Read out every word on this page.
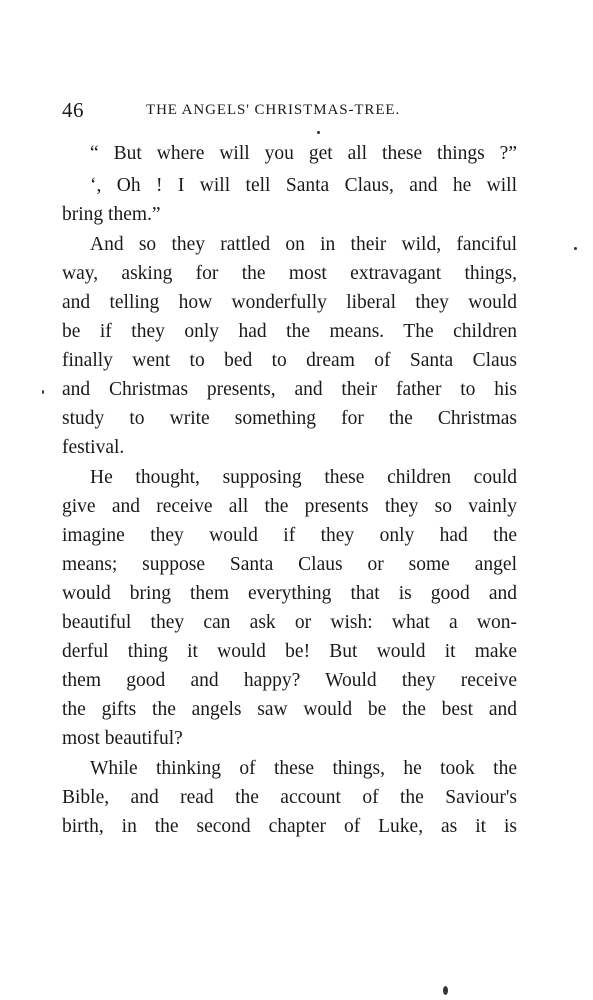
46	THE ANGELS' CHRISTMAS-TREE.
“ But where will you get all these things ?”
‘, Oh ! I will tell Santa Claus, and he will
bring them.”
And so they rattled on in their wild, fanciful
way, asking for the most extravagant things,
and telling how wonderfully liberal they would
be if they only had the means. The children
finally went to bed to dream of Santa Claus
and Christmas presents, and their father to his
study to write something for the Christmas
festival.
He thought, supposing these children could
give and receive all the presents they so vainly
imagine they would if they only had the
means; suppose Santa Claus or some angel
would bring them everything that is good and
beautiful they can ask or wish: what a won-
derful thing it would be! But would it make
them good and happy? Would they receive
the gifts the angels saw would be the best and
most beautiful?
While thinking of these things, he took the
Bible, and read the account of the Saviour's
birth, in the second chapter of Luke, as it is
